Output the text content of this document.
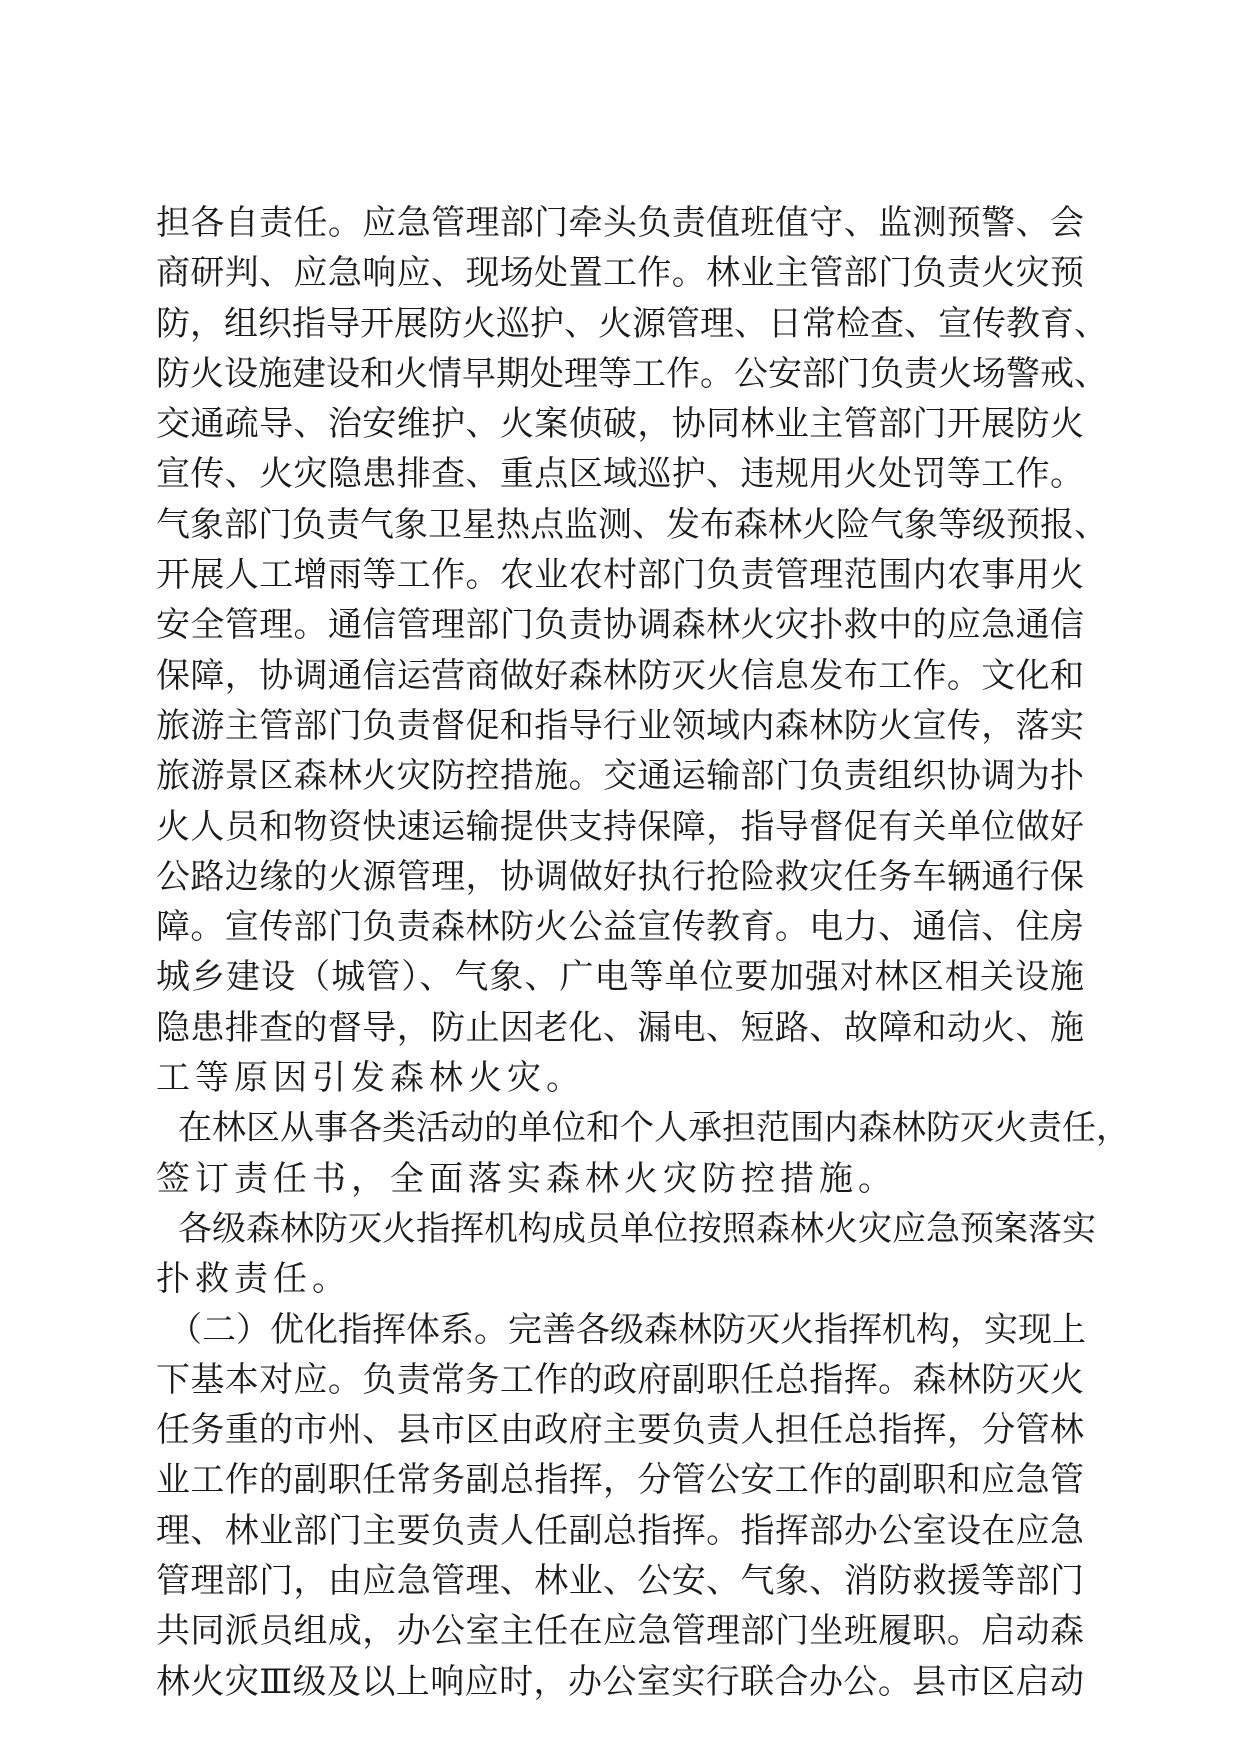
担各自责任。应急管理部门牵头负责值班值守、监测预警、会
商研判、应急响应、现场处置工作。林业主管部门负责火灾预
防，组织指导开展防火巡护、火源管理、日常检查、宣传教育、
防火设施建设和火情早期处理等工作。公安部门负责火场警戒、
交通疏导、治安维护、火案侦破，协同林业主管部门开展防火
宣传、火灾隐患排查、重点区域巡护、违规用火处罚等工作。
气象部门负责气象卫星热点监测、发布森林火险气象等级预报、
开展人工增雨等工作。农业农村部门负责管理范围内农事用火
安全管理。通信管理部门负责协调森林火灾扑救中的应急通信
保障，协调通信运营商做好森林防灭火信息发布工作。文化和
旅游主管部门负责督促和指导行业领域内森林防火宣传，落实
旅游景区森林火灾防控措施。交通运输部门负责组织协调为扑
火人员和物资快速运输提供支持保障，指导督促有关单位做好
公路边缘的火源管理，协调做好执行抢险救灾任务车辆通行保
障。宣传部门负责森林防火公益宣传教育。电力、通信、住房
城乡建设（城管）、气象、广电等单位要加强对林区相关设施
隐患排查的督导，防止因老化、漏电、短路、故障和动火、施
工等原因引发森林火灾。
在林区从事各类活动的单位和个人承担范围内森林防灭火责任，
签订责任书，全面落实森林火灾防控措施。
各级森林防灭火指挥机构成员单位按照森林火灾应急预案落实
扑救责任。
（二）优化指挥体系。完善各级森林防灭火指挥机构，实现上
下基本对应。负责常务工作的政府副职任总指挥。森林防灭火
任务重的市州、县市区由政府主要负责人担任总指挥，分管林
业工作的副职任常务副总指挥，分管公安工作的副职和应急管
理、林业部门主要负责人任副总指挥。指挥部办公室设在应急
管理部门，由应急管理、林业、公安、气象、消防救援等部门
共同派员组成，办公室主任在应急管理部门坐班履职。启动森
林火灾Ⅲ级及以上响应时，办公室实行联合办公。县市区启动
